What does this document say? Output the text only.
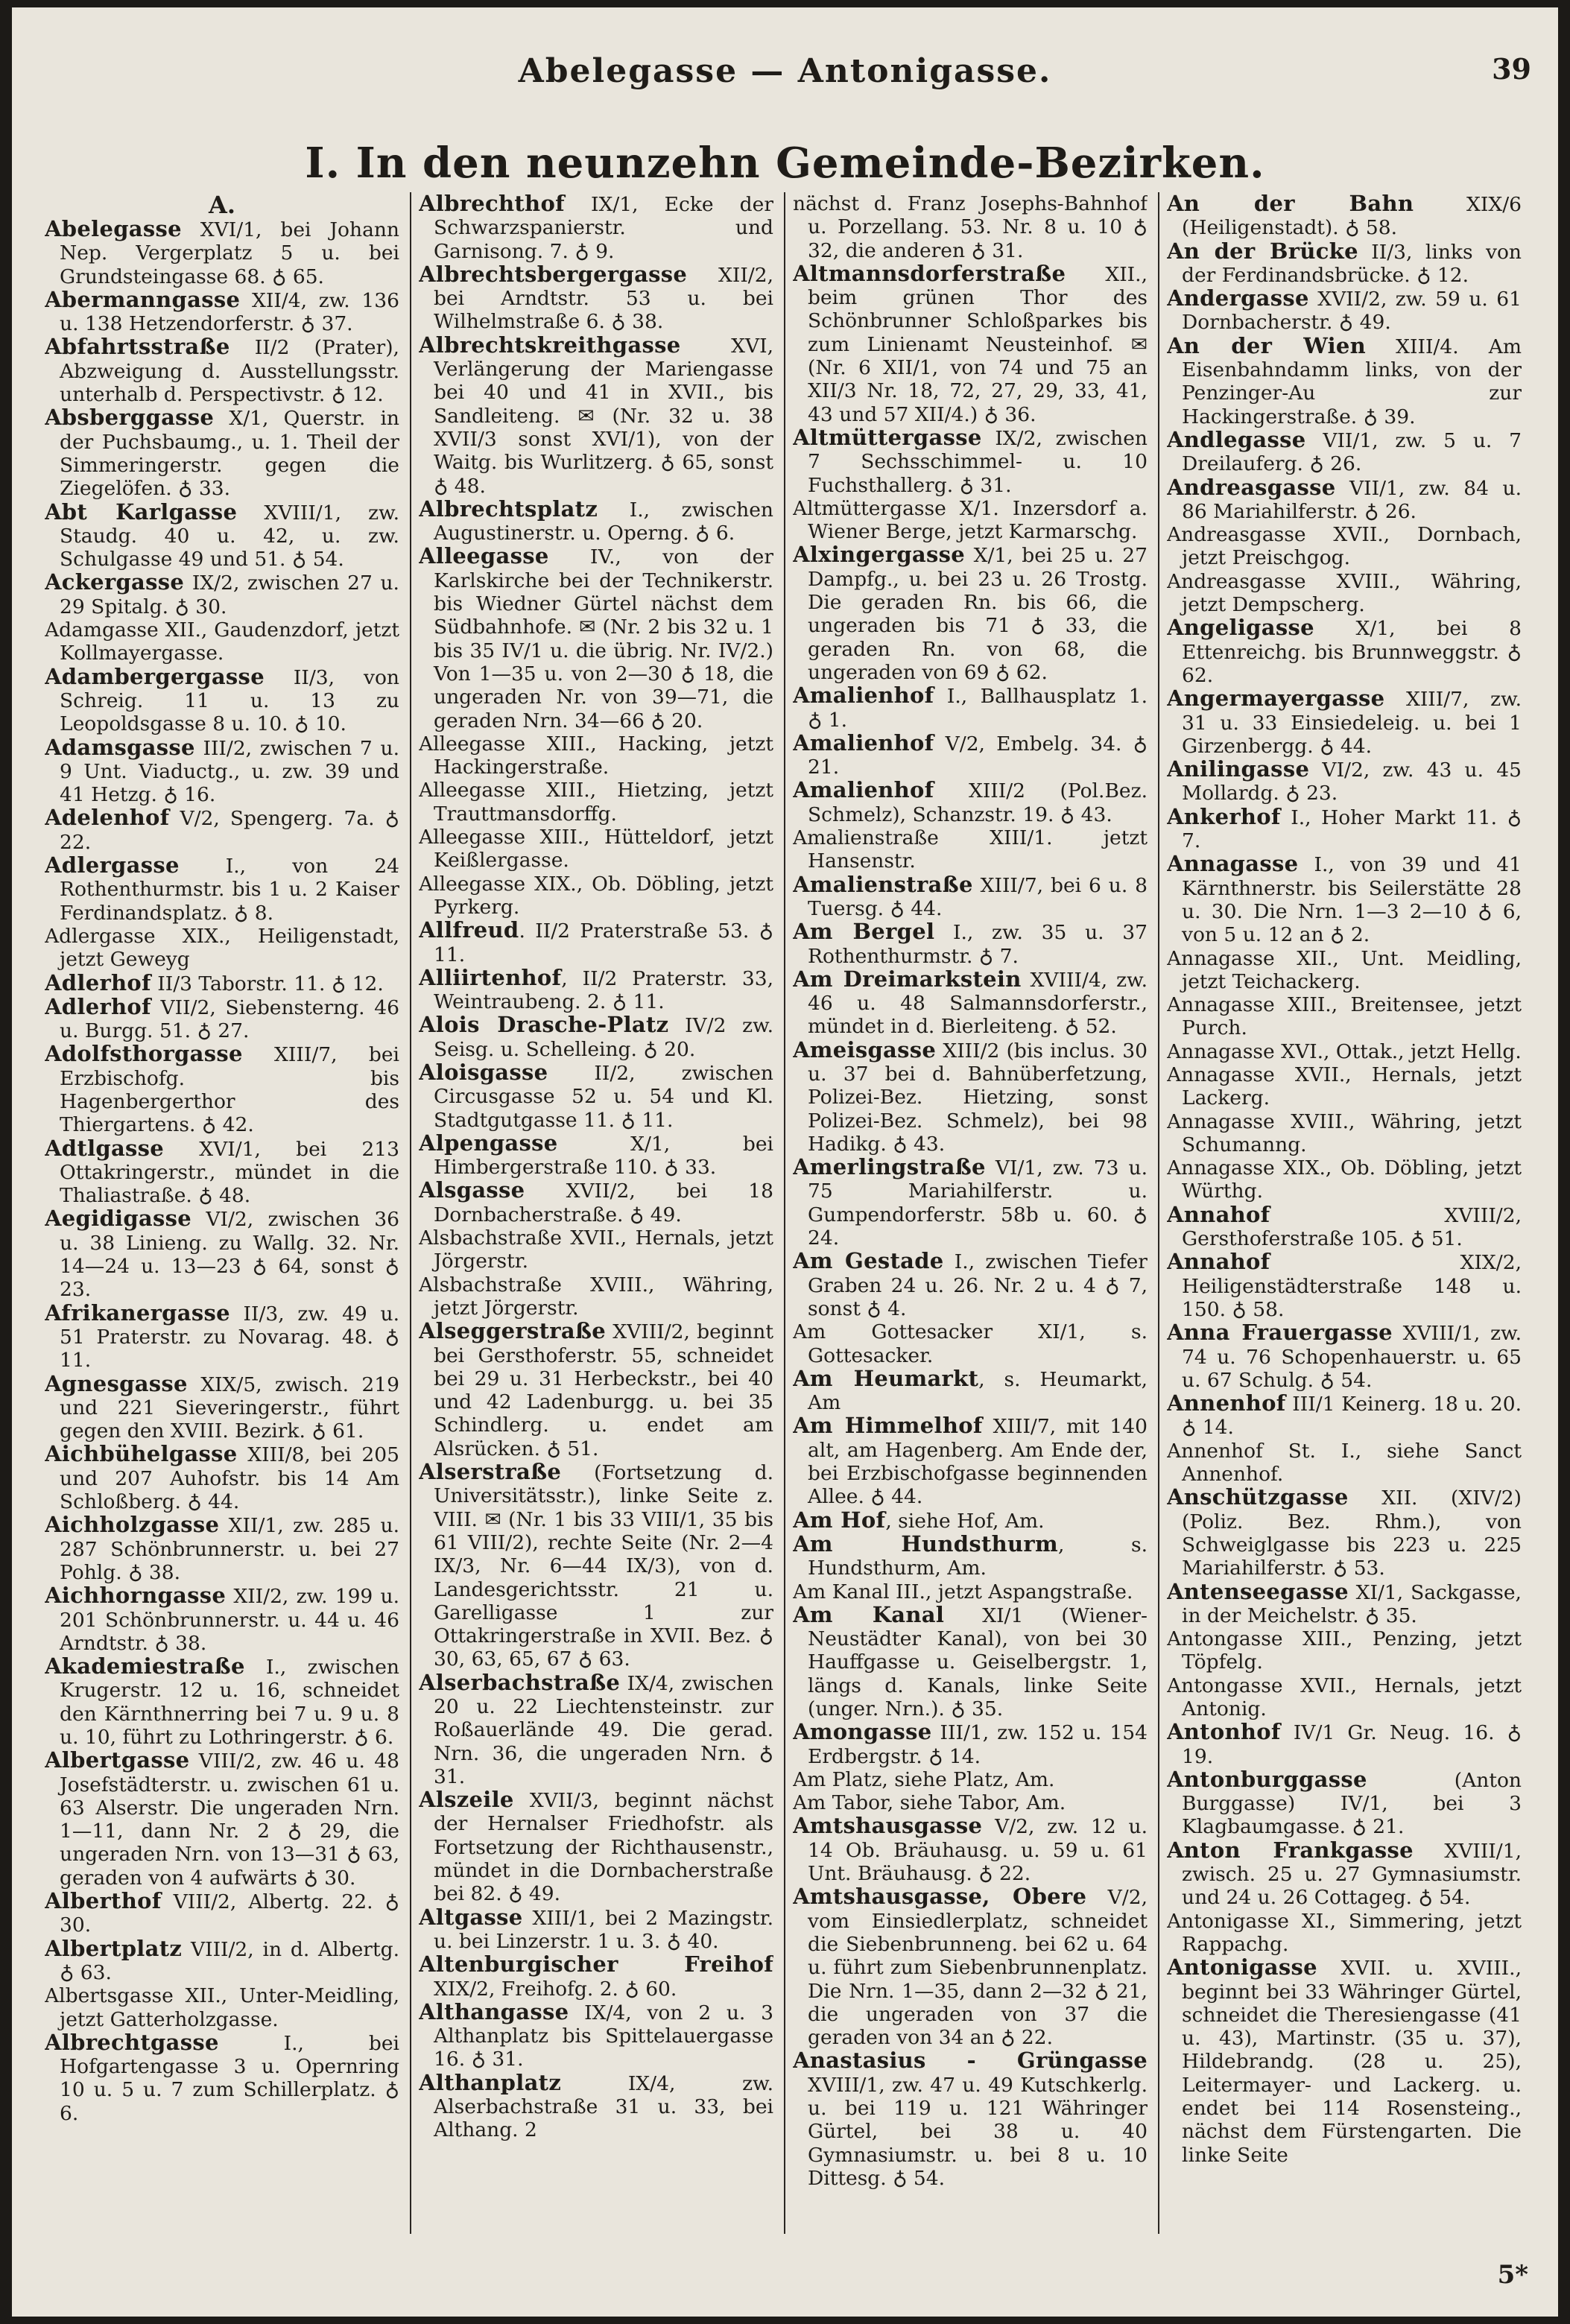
Abelegasse — Antonigasse.	39
I. In den neunzehn Gemeinde-Bezirken.
A.

Abelegasse XVI/1, bei Johann Nep. Vergerplatz 5 u. bei Grundsteingasse 68. ♁ 65.

Abermanngasse XII/4, zw. 136 u. 138 Hetzendorferstr. ♁ 37.

Abfahrtsstraße II/2 (Prater), Abzweigung d. Ausstellungsstr. unterhalb d. Perspectivstr. ♁ 12.

Absberggasse X/1, Querstr. in der Puchsbaumg., u. 1. Theil der Simmeringerstr. gegen die Ziegelöfen. ♁ 33.

Abt Karlgasse XVIII/1, zw. Staudg. 40 u. 42, u. zw. Schulgasse 49 und 51. ♁ 54.

Ackergasse IX/2, zwischen 27 u. 29 Spitalg. ♁ 30.

Adamgasse XII., Gaudenzdorf, jetzt Kollmayergasse.

Adambergergasse II/3, von Schreig. 11 u. 13 zu Leopoldsgasse 8 u. 10. ♁ 10.

Adamsgasse III/2, zwischen 7 u. 9 Unt. Viaductg., u. zw. 39 und 41 Hetzg. ♁ 16.

Adelenhof V/2, Spengerg. 7a. ♁ 22.

Adlergasse I., von 24 Rothenthurmstr. bis 1 u. 2 Kaiser Ferdinandsplatz. ♁ 8.

Adlergasse XIX., Heiligenstadt, jetzt Geweyg

Adlerhof II/3 Taborstr. 11. ♁ 12.

Adlerhof VII/2, Siebensterng. 46 u. Burgg. 51. ♁ 27.

Adolfsthorgasse XIII/7, bei Erzbischofg. bis Hagenbergerthor des Thiergartens. ♁ 42.

Adtlgasse XVI/1, bei 213 Ottakringerstr., mündet in die Thaliastraße. ♁ 48.

Aegidigasse VI/2, zwischen 36 u. 38 Linieng. zu Wallg. 32. Nr. 14—24 u. 13—23 ♁ 64, sonst ♁ 23.

Afrikanergasse II/3, zw. 49 u. 51 Praterstr. zu Novarag. 48. ♁ 11.

Agnesgasse XIX/5, zwisch. 219 und 221 Sieveringerstr., führt gegen den XVIII. Bezirk. ♁ 61.

Aichbühelgasse XIII/8, bei 205 und 207 Auhofstr. bis 14 Am Schloßberg. ♁ 44.

Aichholzgasse XII/1, zw. 285 u. 287 Schönbrunnerstr. u. bei 27 Pohlg. ♁ 38.

Aichhorngasse XII/2, zw. 199 u. 201 Schönbrunnerstr. u. 44 u. 46 Arndtstr. ♁ 38.

Akademiestraße I., zwischen Krugerstr. 12 u. 16, schneidet den Kärnthnerring bei 7 u. 9 u. 8 u. 10, führt zu Lothringerstr. ♁ 6.

Albertgasse VIII/2, zw. 46 u. 48 Josefstädterstr. u. zwischen 61 u. 63 Alserstr. Die ungeraden Nrn. 1—11, dann Nr. 2 ♁ 29, die ungeraden Nrn. von 13—31 ♁ 63, geraden von 4 aufwärts ♁ 30.

Alberthof VIII/2, Albertg. 22. ♁ 30.

Albertplatz VIII/2, in d. Albertg. ♁ 63.

Albertsgasse XII., Unter-Meidling, jetzt Gatterholzgasse.

Albrechtgasse I., bei Hofgartengasse 3 u. Opernring 10 u. 5 u. 7 zum Schillerplatz. ♁ 6.

Albrechthof IX/1, Ecke der Schwarzspanierstr. und Garnisong. 7. ♁ 9.

Albrechtsbergergasse XII/2, bei Arndtstr. 53 u. bei Wilhelmstraße 6. ♁ 38.

Albrechtskreithgasse XVI, Verlängerung der Mariengasse bei 40 und 41 in XVII., bis Sandleiteng. ✉ (Nr. 32 u. 38 XVII/3 sonst XVI/1), von der Waitg. bis Wurlitzerg. ♁ 65, sonst ♁ 48.

Albrechtsplatz I., zwischen Augustinerstr. u. Operng. ♁ 6.

Alleegasse IV., von der Karlskirche bei der Technikerstr. bis Wiedner Gürtel nächst dem Südbahnhofe. ✉ (Nr. 2 bis 32 u. 1 bis 35 IV/1 u. die übrig. Nr. IV/2.) Von 1—35 u. von 2—30 ♁ 18, die ungeraden Nr. von 39—71, die geraden Nrn. 34—66 ♁ 20.

Alleegasse XIII., Hacking, jetzt Hackingerstraße.

Alleegasse XIII., Hietzing, jetzt Trauttmansdorffg.

Alleegasse XIII., Hütteldorf, jetzt Keißlergasse.

Alleegasse XIX., Ob. Döbling, jetzt Pyrkerg.

Allfreud. II/2 Praterstraße 53. ♁ 11.

Alliirtenhof, II/2 Praterstr. 33, Weintraubeng. 2. ♁ 11.

Alois Drasche-Platz IV/2 zw. Seisg. u. Schelleing. ♁ 20.

Aloisgasse II/2, zwischen Circusgasse 52 u. 54 und Kl. Stadtgutgasse 11. ♁ 11.

Alpengasse X/1, bei Himbergerstraße 110. ♁ 33.

Alsgasse XVII/2, bei 18 Dornbacherstraße. ♁ 49.

Alsbachstraße XVII., Hernals, jetzt Jörgerstr.

Alsbachstraße XVIII., Währing, jetzt Jörgerstr.

Alseggerstraße XVIII/2, beginnt bei Gersthoferstr. 55, schneidet bei 29 u. 31 Herbeckstr., bei 40 und 42 Ladenburgg. u. bei 35 Schindlerg. u. endet am Alsrücken. ♁ 51.

Alserstraße (Fortsetzung d. Universitätsstr.), linke Seite z. VIII. ✉ (Nr. 1 bis 33 VIII/1, 35 bis 61 VIII/2), rechte Seite (Nr. 2—4 IX/3, Nr. 6—44 IX/3), von d. Landesgerichtsstr. 21 u. Garelligasse 1 zur Ottakringerstraße in XVII. Bez. ♁ 30, 63, 65, 67 ♁ 63.

Alserbachstraße IX/4, zwischen 20 u. 22 Liechtensteinstr. zur Roßauerlände 49. Die gerad. Nrn. 36, die ungeraden Nrn. ♁ 31.

Alszeile XVII/3, beginnt nächst der Hernalser Friedhofstr. als Fortsetzung der Richthausenstr., mündet in die Dornbacherstraße bei 82. ♁ 49.

Altgasse XIII/1, bei 2 Mazingstr. u. bei Linzerstr. 1 u. 3. ♁ 40.

Altenburgischer Freihof XIX/2, Freihofg. 2. ♁ 60.

Althangasse IX/4, von 2 u. 3 Althanplatz bis Spittelauergasse 16. ♁ 31.

Althanplatz IX/4, zw. Alserbachstraße 31 u. 33, bei Althang. 2

nächst d. Franz Josephs-Bahnhof u. Porzellang. 53. Nr. 8 u. 10 ♁ 32, die anderen ♁ 31.

Altmannsdorferstraße XII., beim grünen Thor des Schönbrunner Schloßparkes bis zum Linienamt Neusteinhof. ✉ (Nr. 6 XII/1, von 74 und 75 an XII/3 Nr. 18, 72, 27, 29, 33, 41, 43 und 57 XII/4.) ♁ 36.

Altmüttergasse IX/2, zwischen 7 Sechsschimmel- u. 10 Fuchsthallerg. ♁ 31.

Altmüttergasse X/1. Inzersdorf a. Wiener Berge, jetzt Karmarschg.

Alxingergasse X/1, bei 25 u. 27 Dampfg., u. bei 23 u. 26 Trostg. Die geraden Rn. bis 66, die ungeraden bis 71 ♁ 33, die geraden Rn. von 68, die ungeraden von 69 ♁ 62.

Amalienhof I., Ballhausplatz 1. ♁ 1.

Amalienhof V/2, Embelg. 34. ♁ 21.

Amalienhof XIII/2 (Pol.Bez. Schmelz), Schanzstr. 19. ♁ 43.

Amalienstraße XIII/1. jetzt Hansenstr.

Amalienstraße XIII/7, bei 6 u. 8 Tuersg. ♁ 44.

Am Bergel I., zw. 35 u. 37 Rothenthurmstr. ♁ 7.

Am Dreimarkstein XVIII/4, zw. 46 u. 48 Salmannsdorferstr., mündet in d. Bierleiteng. ♁ 52.

Ameisgasse XIII/2 (bis inclus. 30 u. 37 bei d. Bahnüberfetzung, Polizei-Bez. Hietzing, sonst Polizei-Bez. Schmelz), bei 98 Hadikg. ♁ 43.

Amerlingstraße VI/1, zw. 73 u. 75 Mariahilferstr. u. Gumpendorferstr. 58b u. 60. ♁ 24.

Am Gestade I., zwischen Tiefer Graben 24 u. 26. Nr. 2 u. 4 ♁ 7, sonst ♁ 4.

Am Gottesacker XI/1, s. Gottesacker.

Am Heumarkt, s. Heumarkt, Am

Am Himmelhof XIII/7, mit 140 alt, am Hagenberg. Am Ende der, bei Erzbischofgasse beginnenden Allee. ♁ 44.

Am Hof, siehe Hof, Am.

Am Hundsthurm, s. Hundsthurm, Am.

Am Kanal III., jetzt Aspangstraße.

Am Kanal XI/1 (Wiener-Neustädter Kanal), von bei 30 Hauffgasse u. Geiselbergstr. 1, längs d. Kanals, linke Seite (unger. Nrn.). ♁ 35.

Amongasse III/1, zw. 152 u. 154 Erdbergstr. ♁ 14.

Am Platz, siehe Platz, Am.

Am Tabor, siehe Tabor, Am.

Amtshausgasse V/2, zw. 12 u. 14 Ob. Bräuhausg. u. 59 u. 61 Unt. Bräuhausg. ♁ 22.

Amtshausgasse, Obere V/2, vom Einsiedlerplatz, schneidet die Siebenbrunneng. bei 62 u. 64 u. führt zum Siebenbrunnenplatz. Die Nrn. 1—35, dann 2—32 ♁ 21, die ungeraden von 37 die geraden von 34 an ♁ 22.

Anastasius - Grüngasse XVIII/1, zw. 47 u. 49 Kutschkerlg. u. bei 119 u. 121 Währinger Gürtel, bei 38 u. 40 Gymnasiumstr. u. bei 8 u. 10 Dittesg. ♁ 54.

An der Bahn XIX/6 (Heiligenstadt). ♁ 58.

An der Brücke II/3, links von der Ferdinandsbrücke. ♁ 12.

Andergasse XVII/2, zw. 59 u. 61 Dornbacherstr. ♁ 49.

An der Wien XIII/4. Am Eisenbahndamm links, von der Penzinger-Au zur Hackingerstraße. ♁ 39.

Andlegasse VII/1, zw. 5 u. 7 Dreilauferg. ♁ 26.

Andreasgasse VII/1, zw. 84 u. 86 Mariahilferstr. ♁ 26.

Andreasgasse XVII., Dornbach, jetzt Preischgog.

Andreasgasse XVIII., Währing, jetzt Dempscherg.

Angeligasse X/1, bei 8 Ettenreichg. bis Brunnweggstr. ♁ 62.

Angermayergasse XIII/7, zw. 31 u. 33 Einsiedeleig. u. bei 1 Girzenbergg. ♁ 44.

Anilingasse VI/2, zw. 43 u. 45 Mollardg. ♁ 23.

Ankerhof I., Hoher Markt 11. ♁ 7.

Annagasse I., von 39 und 41 Kärnthnerstr. bis Seilerstätte 28 u. 30. Die Nrn. 1—3 2—10 ♁ 6, von 5 u. 12 an ♁ 2.

Annagasse XII., Unt. Meidling, jetzt Teichackerg.

Annagasse XIII., Breitensee, jetzt Purch.

Annagasse XVI., Ottak., jetzt Hellg.

Annagasse XVII., Hernals, jetzt Lackerg.

Annagasse XVIII., Währing, jetzt Schumanng.

Annagasse XIX., Ob. Döbling, jetzt Würthg.

Annahof XVIII/2, Gersthoferstraße 105. ♁ 51.

Annahof XIX/2, Heiligenstädterstraße 148 u. 150. ♁ 58.

Anna Frauergasse XVIII/1, zw. 74 u. 76 Schopenhauerstr. u. 65 u. 67 Schulg. ♁ 54.

Annenhof III/1 Keinerg. 18 u. 20. ♁ 14.

Annenhof St. I., siehe Sanct Annenhof.

Anschützgasse XII. (XIV/2) (Poliz. Bez. Rhm.), von Schweiglgasse bis 223 u. 225 Mariahilferstr. ♁ 53.

Antenseegasse XI/1, Sackgasse, in der Meichelstr. ♁ 35.

Antongasse XIII., Penzing, jetzt Töpfelg.

Antongasse XVII., Hernals, jetzt Antonig.

Antonhof IV/1 Gr. Neug. 16. ♁ 19.

Antonburggasse (Anton Burggasse) IV/1, bei 3 Klagbaumgasse. ♁ 21.

Anton Frankgasse XVIII/1, zwisch. 25 u. 27 Gymnasiumstr. und 24 u. 26 Cottageg. ♁ 54.

Antonigasse XI., Simmering, jetzt Rappachg.

Antonigasse XVII. u. XVIII., beginnt bei 33 Währinger Gürtel, schneidet die Theresiengasse (41 u. 43), Martinstr. (35 u. 37), Hildebrandg. (28 u. 25), Leitermayer- und Lackerg. u. endet bei 114 Rosensteing., nächst dem Fürstengarten. Die linke Seite

5*
